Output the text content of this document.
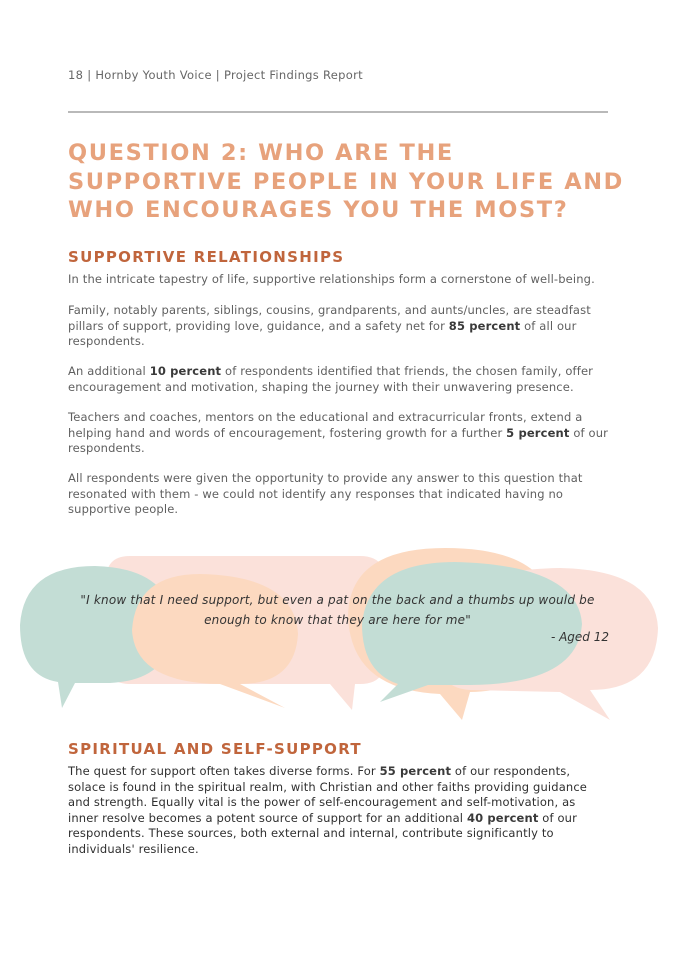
18 | Hornby Youth Voice | Project Findings Report
QUESTION 2: WHO ARE THE SUPPORTIVE PEOPLE IN YOUR LIFE AND WHO ENCOURAGES YOU THE MOST?
SUPPORTIVE RELATIONSHIPS

In the intricate tapestry of life, supportive relationships form a cornerstone of well-being.

Family, notably parents, siblings, cousins, grandparents, and aunts/uncles, are steadfast pillars of support, providing love, guidance, and a safety net for 85 percent of all our respondents.

An additional 10 percent of respondents identified that friends, the chosen family, offer encouragement and motivation, shaping the journey with their unwavering presence.

Teachers and coaches, mentors on the educational and extracurricular fronts, extend a helping hand and words of encouragement, fostering growth for a further 5 percent of our respondents.

All respondents were given the opportunity to provide any answer to this question that resonated with them - we could not identify any responses that indicated having no supportive people.

"I know that I need support, but even a pat on the back and a thumbs up would be enough to know that they are here for me"

- Aged 12

SPIRITUAL AND SELF-SUPPORT

The quest for support often takes diverse forms. For 55 percent of our respondents, solace is found in the spiritual realm, with Christian and other faiths providing guidance and strength. Equally vital is the power of self-encouragement and self-motivation, as inner resolve becomes a potent source of support for an additional 40 percent of our respondents. These sources, both external and internal, contribute significantly to individuals' resilience.
